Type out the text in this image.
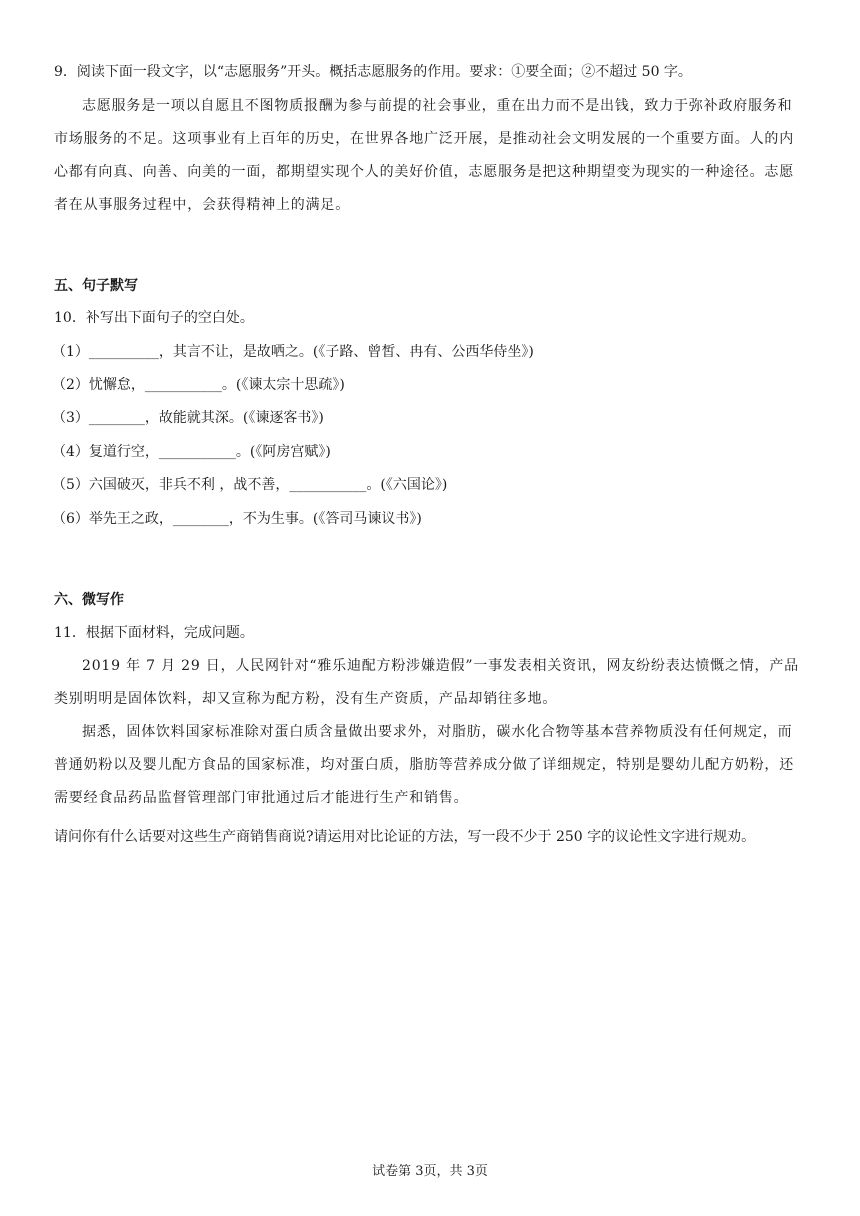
9．阅读下面一段文字，以“志愿服务”开头。概括志愿服务的作用。要求：①要全面；②不超过 50 字。
志愿服务是一项以自愿且不图物质报酬为参与前提的社会事业，重在出力而不是出钱，致力于弥补政府服务和市场服务的不足。这项事业有上百年的历史，在世界各地广泛开展，是推动社会文明发展的一个重要方面。人的内心都有向真、向善、向美的一面，都期望实现个人的美好价值，志愿服务是把这种期望变为现实的一种途径。志愿者在从事服务过程中，会获得精神上的满足。
五、句子默写
10．补写出下面句子的空白处。
（1）__________，其言不让，是故哂之。(《子路、曾皙、冉有、公西华侍坐》)
（2）忧懈怠，___________。(《谏太宗十思疏》)
（3）________，故能就其深。(《谏逐客书》)
（4）复道行空，___________。(《阿房宫赋》)
（5）六国破灭，非兵不利 ，战不善，___________。(《六国论》)
（6）举先王之政，________，不为生事。(《答司马谏议书》)
六、微写作
11．根据下面材料，完成问题。
2019 年 7 月 29 日，人民网针对“雅乐迪配方粉涉嫌造假”一事发表相关资讯，网友纷纷表达愤慨之情，产品类别明明是固体饮料，却又宣称为配方粉，没有生产资质，产品却销往多地。
据悉，固体饮料国家标准除对蛋白质含量做出要求外，对脂肪，碳水化合物等基本营养物质没有任何规定，而普通奶粉以及婴儿配方食品的国家标准，均对蛋白质，脂肪等营养成分做了详细规定，特别是婴幼儿配方奶粉，还需要经食品药品监督管理部门审批通过后才能进行生产和销售。
请问你有什么话要对这些生产商销售商说?请运用对比论证的方法，写一段不少于 250 字的议论性文字进行规劝。
试卷第 3页，共 3页
